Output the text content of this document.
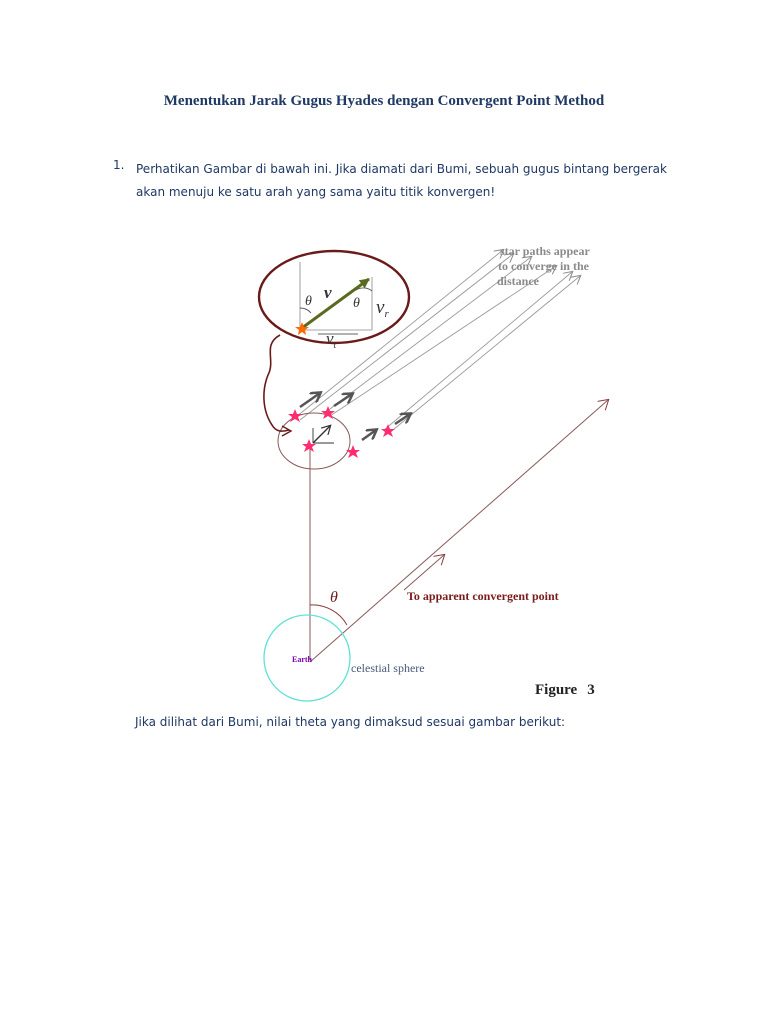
Menentukan Jarak Gugus Hyades dengan Convergent Point Method
1. Perhatikan Gambar di bawah ini. Jika diamati dari Bumi, sebuah gugus bintang bergerak akan menuju ke satu arah yang sama yaitu titik konvergen!
θ
Earth
celestial sphere
θ	θ
v
$v_r$
$v_t$
star paths appear
to converge in the
distance
To apparent convergent point
Figure 3
Jika dilihat dari Bumi, nilai theta yang dimaksud sesuai gambar berikut:
